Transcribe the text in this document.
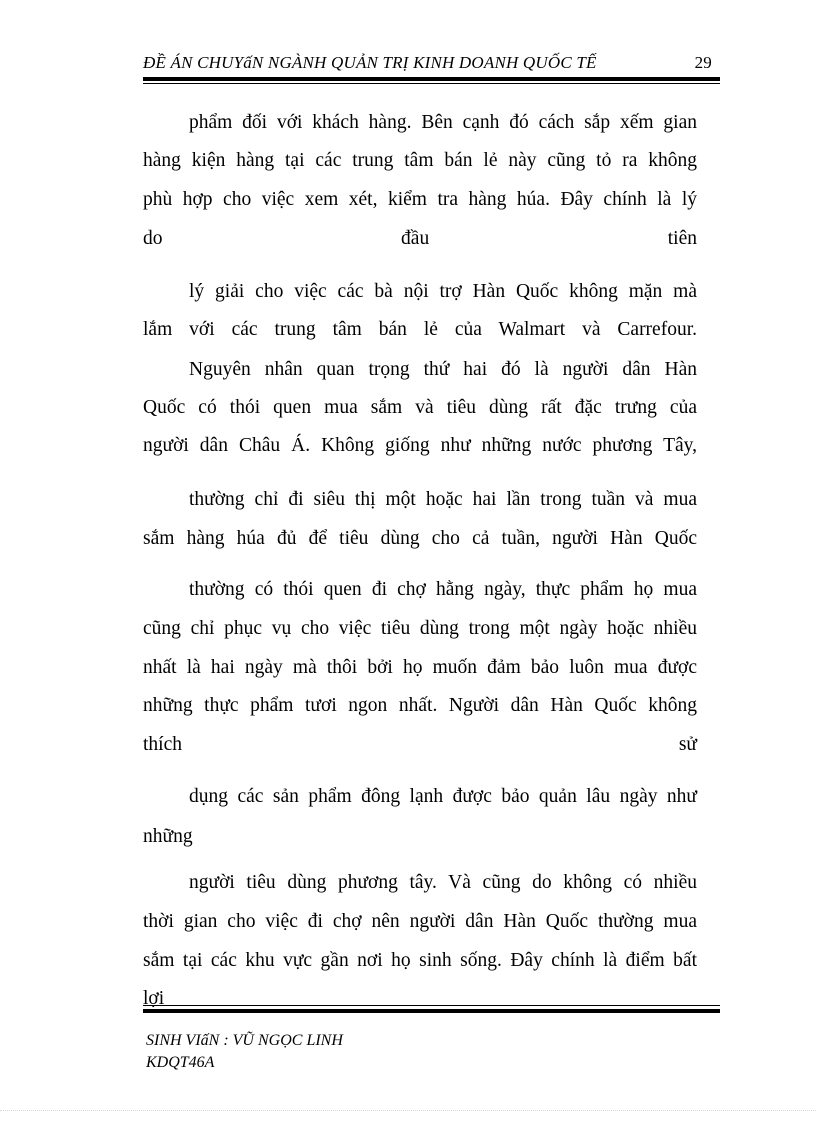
ĐỀ ÁN CHUYấN NGÀNH QUẢN TRỊ KINH DOANH QUỐC TẾ	29
phẩm đối với khách hàng. Bên cạnh đó cách sắp xếm gian
hàng kiện hàng tại các trung tâm bán lẻ này cũng tỏ ra không
phù hợp cho việc xem xét, kiểm tra hàng húa. Đây chính là lý
do đầu tiên
lý giải cho việc các bà nội trợ Hàn Quốc không mặn mà
lắm với các trung tâm bán lẻ của Walmart và Carrefour.
Nguyên nhân quan trọng thứ hai đó là người dân Hàn
Quốc có thói quen mua sắm và tiêu dùng rất đặc trưng của
người dân Châu Á. Không giống như những nước phương Tây,
thường chỉ đi siêu thị một hoặc hai lần trong tuần và mua
sắm hàng húa đủ để tiêu dùng cho cả tuần, người Hàn Quốc
thường có thói quen đi chợ hằng ngày, thực phẩm họ mua
cũng chỉ phục vụ cho việc tiêu dùng trong một ngày hoặc nhiều
nhất là hai ngày mà thôi bởi họ muốn đảm bảo luôn mua được
những thực phẩm tươi ngon nhất. Người dân Hàn Quốc không
thích sử
dụng các sản phẩm đông lạnh được bảo quản lâu ngày như
những
người tiêu dùng phương tây. Và cũng do không có nhiều
thời gian cho việc đi chợ nên người dân Hàn Quốc thường mua
sắm tại các khu vực gần nơi họ sinh sống. Đây chính là điểm bất
lợi
SINH VIấN : VŨ NGỌC LINH
KDQT46A
